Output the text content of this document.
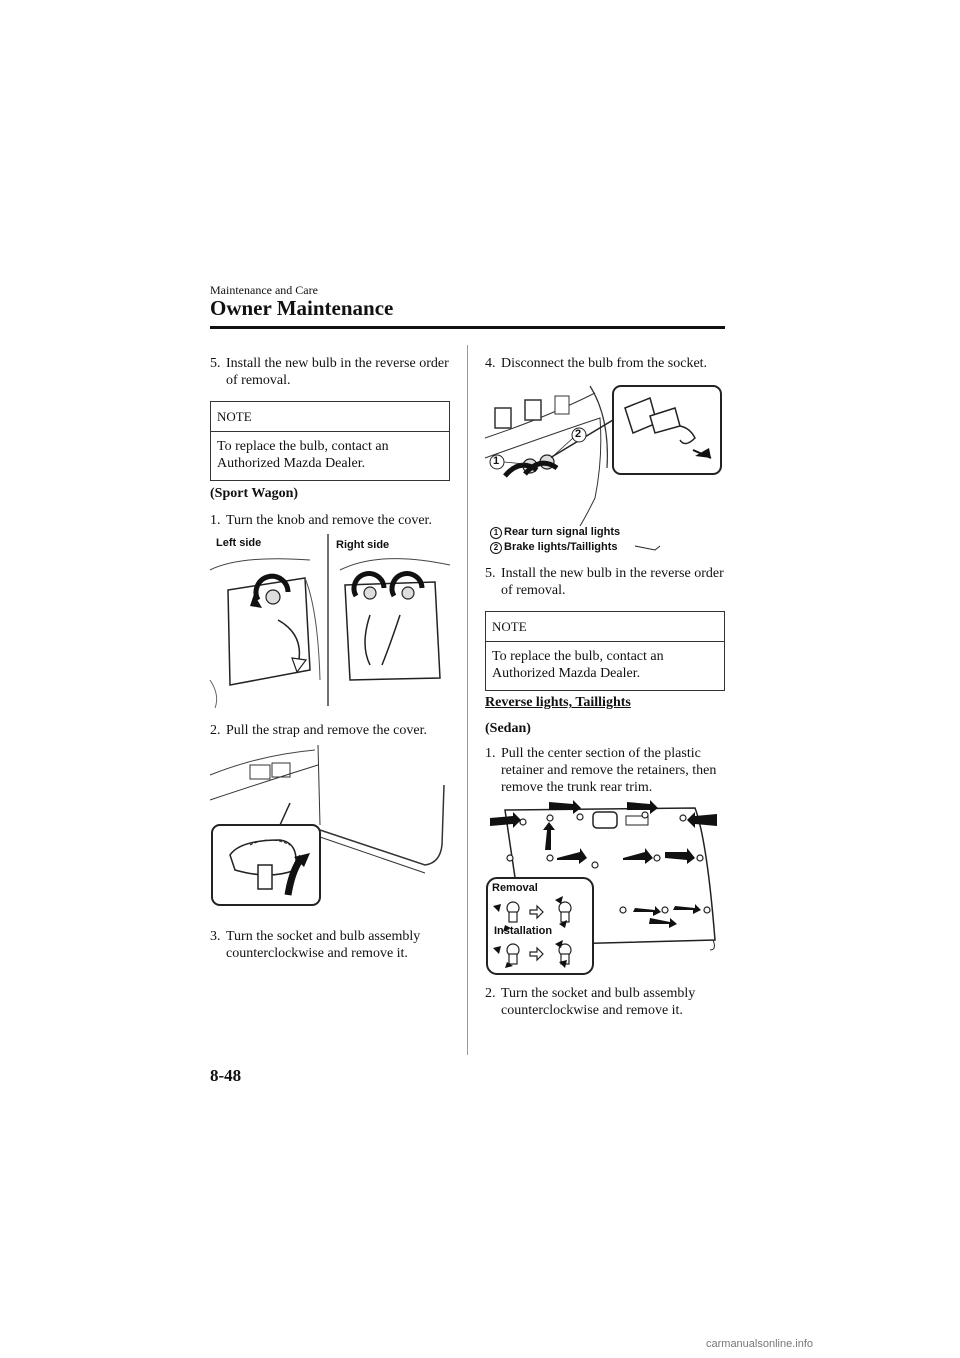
Maintenance and Care
Owner Maintenance
5. Install the new bulb in the reverse order
of removal.
NOTE
To replace the bulb, contact an
Authorized Mazda Dealer.
(Sport Wagon)
1. Turn the knob and remove the cover.
Left side	Right side
2. Pull the strap and remove the cover.
3. Turn the socket and bulb assembly
counterclockwise and remove it.
4. Disconnect the bulb from the socket.
1
2
1 Rear turn signal lights
2 Brake lights/Taillights
5. Install the new bulb in the reverse order
of removal.
NOTE
To replace the bulb, contact an
Authorized Mazda Dealer.
Reverse lights, Taillights
(Sedan)
1. Pull the center section of the plastic
retainer and remove the retainers, then
remove the trunk rear trim.
Removal
Installation
2. Turn the socket and bulb assembly
counterclockwise and remove it.
8-48
carmanualsonline.info
